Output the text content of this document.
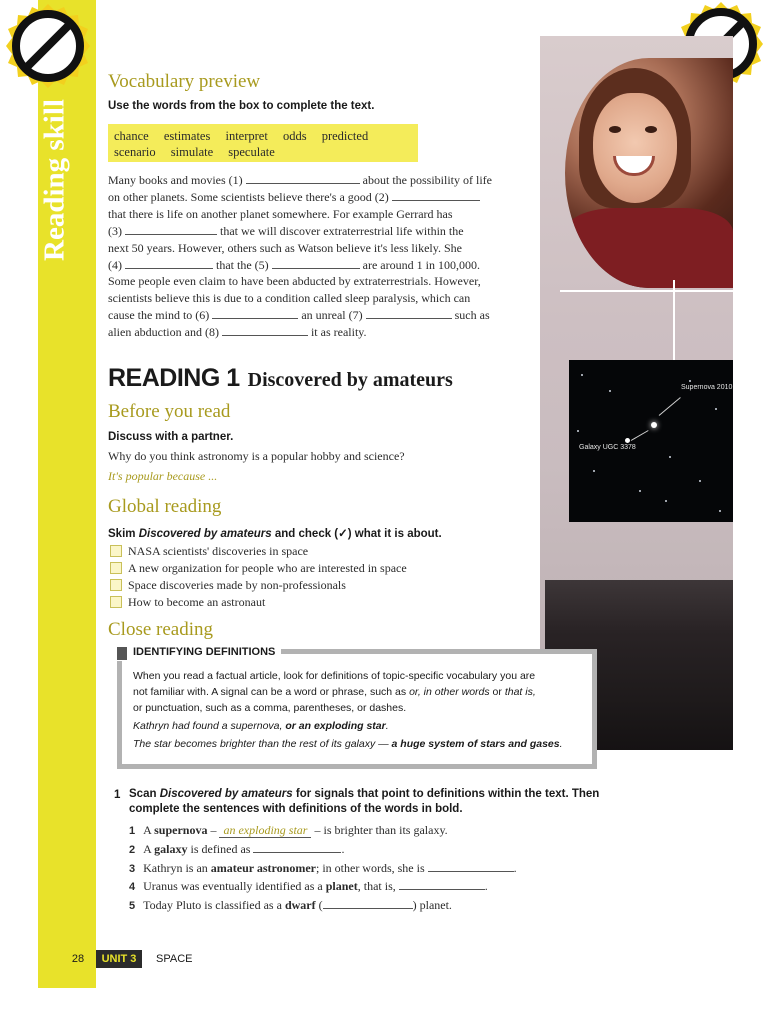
Reading skill
Supernova 2010
Galaxy UGC 3378
Vocabulary preview
Use the words from the box to complete the text.
chance estimates interpret odds predicted
scenario simulate speculate
Many books and movies (1)	about the possibility of life
on other planets. Some scientists believe there's a good (2)
that there is life on another planet somewhere. For example Gerrard has
(3)	that we will discover extraterrestrial life within the
next 50 years. However, others such as Watson believe it's less likely. She
(4)	that the (5)	are around 1 in 100,000.
Some people even claim to have been abducted by extraterrestrials. However,
scientists believe this is due to a condition called sleep paralysis, which can
cause the mind to (6)	an unreal (7)	such as
alien abduction and (8)	it as reality.
READING 1 Discovered by amateurs
Before you read
Discuss with a partner.
Why do you think astronomy is a popular hobby and science?
It's popular because ...
Global reading
Skim Discovered by amateurs and check (✓) what it is about.
NASA scientists' discoveries in space
A new organization for people who are interested in space
Space discoveries made by non-professionals
How to become an astronaut
Close reading
IDENTIFYING DEFINITIONS
When you read a factual article, look for definitions of topic-specific vocabulary you are
not familiar with. A signal can be a word or phrase, such as or, in other words or that is,
or punctuation, such as a comma, parentheses, or dashes.
Kathryn had found a supernova, or an exploding star.
The star becomes brighter than the rest of its galaxy — a huge system of stars and gases.
1 Scan Discovered by amateurs for signals that point to definitions within the text. Then
complete the sentences with definitions of the words in bold.
1 A supernova – an exploding star – is brighter than its galaxy.
2 A galaxy is defined as	.
3 Kathryn is an amateur astronomer; in other words, she is	.
4 Uranus was eventually identified as a planet, that is,	.
5 Today Pluto is classified as a dwarf (	) planet.
28	UNIT 3	SPACE
